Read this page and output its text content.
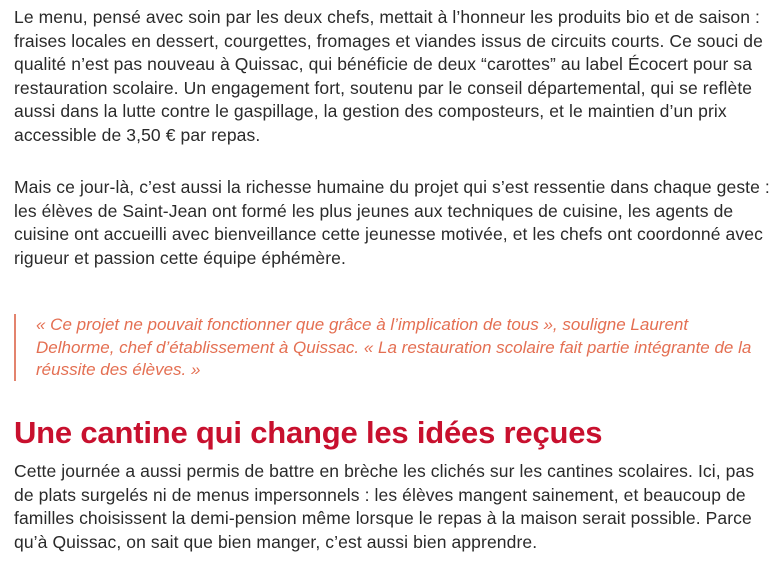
Le menu, pensé avec soin par les deux chefs, mettait à l’honneur les produits bio et de saison : fraises locales en dessert, courgettes, fromages et viandes issus de circuits courts. Ce souci de qualité n’est pas nouveau à Quissac, qui bénéficie de deux “carottes” au label Écocert pour sa restauration scolaire. Un engagement fort, soutenu par le conseil départemental, qui se reflète aussi dans la lutte contre le gaspillage, la gestion des composteurs, et le maintien d’un prix accessible de 3,50 € par repas.

Mais ce jour-là, c’est aussi la richesse humaine du projet qui s’est ressentie dans chaque geste : les élèves de Saint-Jean ont formé les plus jeunes aux techniques de cuisine, les agents de cuisine ont accueilli avec bienveillance cette jeunesse motivée, et les chefs ont coordonné avec rigueur et passion cette équipe éphémère.

« Ce projet ne pouvait fonctionner que grâce à l’implication de tous », souligne Laurent Delhorme, chef d’établissement à Quissac. « La restauration scolaire fait partie intégrante de la réussite des élèves. »

Une cantine qui change les idées reçues

Cette journée a aussi permis de battre en brèche les clichés sur les cantines scolaires. Ici, pas de plats surgelés ni de menus impersonnels : les élèves mangent sainement, et beaucoup de familles choisissent la demi-pension même lorsque le repas à la maison serait possible. Parce qu’à Quissac, on sait que bien manger, c’est aussi bien apprendre.
